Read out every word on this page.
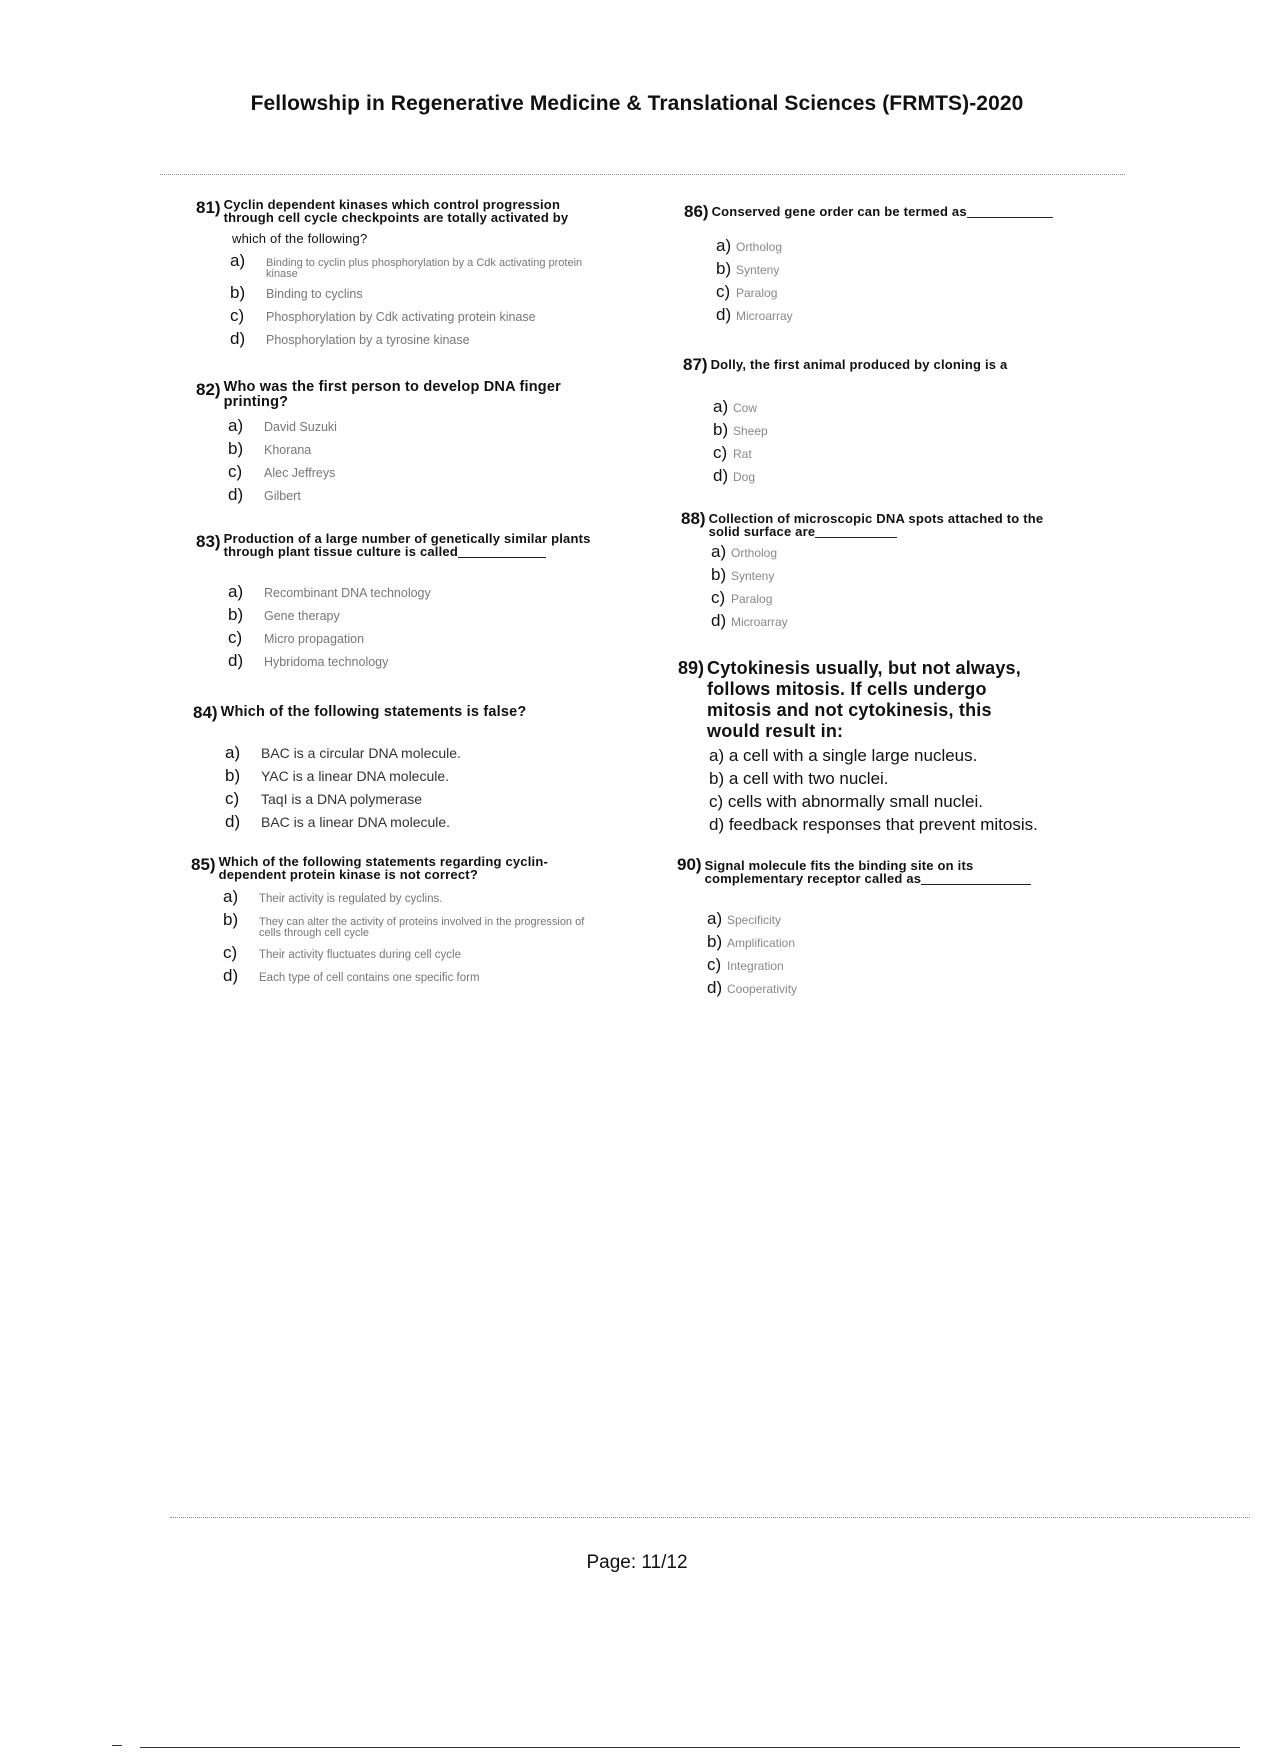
Fellowship in Regenerative Medicine & Translational Sciences (FRMTS)-2020
81) Cyclin dependent kinases which control progression
through cell cycle checkpoints are totally activated by
which of the following?
a)	Binding to cyclin plus phosphorylation by a Cdk activating protein kinase
b)	Binding to cyclins
c)	Phosphorylation by Cdk activating protein kinase
d)	Phosphorylation by a tyrosine kinase
82) Who was the first person to develop DNA finger
printing?
a)	David Suzuki
b)	Khorana
c)	Alec Jeffreys
d)	Gilbert
83) Production of a large number of genetically similar plants
through plant tissue culture is called
a)	Recombinant DNA technology
b)	Gene therapy
c)	Micro propagation
d)	Hybridoma technology
84) Which of the following statements is false?
a)	BAC is a circular DNA molecule.
b)	YAC is a linear DNA molecule.
c)	TaqI is a DNA polymerase
d)	BAC is a linear DNA molecule.
85) Which of the following statements regarding cyclin-
dependent protein kinase is not correct?
a)	Their activity is regulated by cyclins.
b)	They can alter the activity of proteins involved in the progression of cells through cell cycle
c)	Their activity fluctuates during cell cycle
d)	Each type of cell contains one specific form
86) Conserved gene order can be termed as
a) Ortholog
b) Synteny
c) Paralog
d) Microarray
87) Dolly, the first animal produced by cloning is a
a) Cow
b) Sheep
c) Rat
d) Dog
88) Collection of microscopic DNA spots attached to the
solid surface are
a) Ortholog
b) Synteny
c) Paralog
d) Microarray
89) Cytokinesis usually, but not always,
follows mitosis. If cells undergo
mitosis and not cytokinesis, this
would result in:
a) a cell with a single large nucleus.
b) a cell with two nuclei.
c) cells with abnormally small nuclei.
d) feedback responses that prevent mitosis.
90) Signal molecule fits the binding site on its
complementary receptor called as
a) Specificity
b) Amplification
c) Integration
d) Cooperativity
Page: 11/12
